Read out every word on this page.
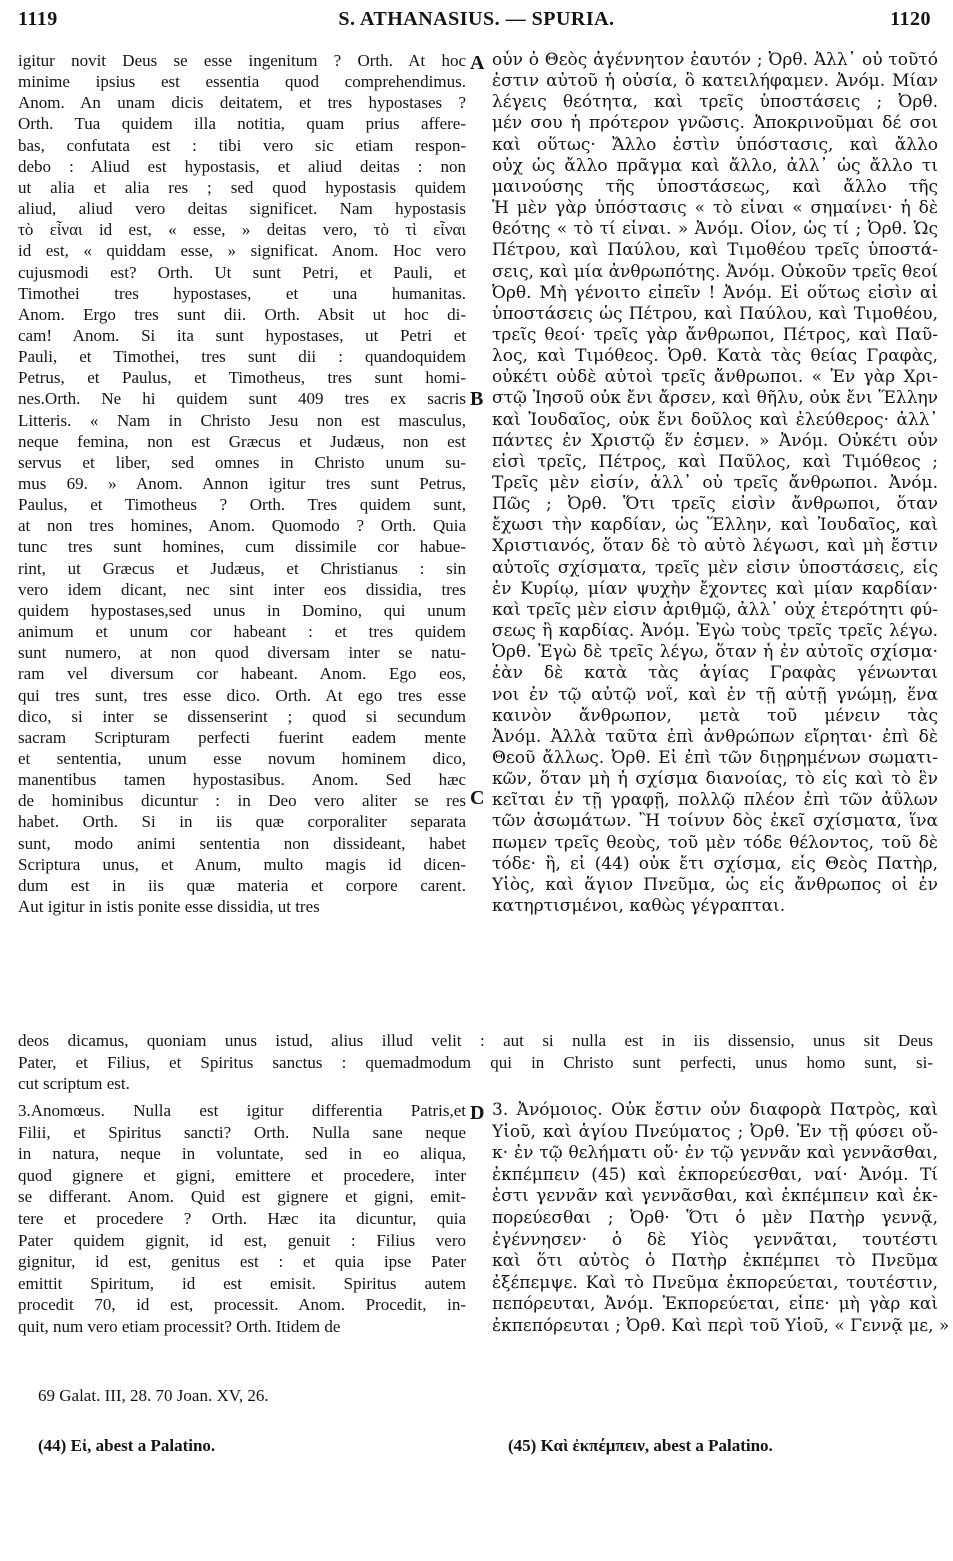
1119	S. ATHANASIUS. — SPURIA.	1120
igitur novit Deus se esse ingenitum ? Orth. At hoc
minime ipsius est essentia quod comprehendimus.
Anom. An unam dicis deitatem, et tres hypostases ?
Orth. Tua quidem illa notitia, quam prius affere-
bas, confutata est : tibi vero sic etiam respon-
debo : Aliud est hypostasis, et aliud deitas : non
ut alia et alia res ; sed quod hypostasis quidem
aliud, aliud vero deitas significet. Nam hypostasis
τὸ εἶναι id est, « esse, » deitas vero, τὸ τὶ εἶναι
id est, « quiddam esse, » significat. Anom. Hoc vero
cujusmodi est? Orth. Ut sunt Petri, et Pauli, et
Timothei tres hypostases, et una humanitas.
Anom. Ergo tres sunt dii. Orth. Absit ut hoc di-
cam! Anom. Si ita sunt hypostases, ut Petri et
Pauli, et Timothei, tres sunt dii : quandoquidem
Petrus, et Paulus, et Timotheus, tres sunt homi-
nes.Orth. Ne hi quidem sunt 409 tres ex sacris
Litteris. « Nam in Christo Jesu non est masculus,
neque femina, non est Græcus et Judæus, non est
servus et liber, sed omnes in Christo unum su-
mus 69. » Anom. Annon igitur tres sunt Petrus,
Paulus, et Timotheus ? Orth. Tres quidem sunt,
at non tres homines, Anom. Quomodo ? Orth. Quia
tunc tres sunt homines, cum dissimile cor habue-
rint, ut Græcus et Judæus, et Christianus : sin
vero idem dicant, nec sint inter eos dissidia, tres
quidem hypostases,sed unus in Domino, qui unum
animum et unum cor habeant : et tres quidem
sunt numero, at non quod diversam inter se natu-
ram vel diversum cor habeant. Anom. Ego eos,
qui tres sunt, tres esse dico. Orth. At ego tres esse
dico, si inter se dissenserint ; quod si secundum
sacram Scripturam perfecti fuerint eadem mente
et sententia, unum esse novum hominem dico,
manentibus tamen hypostasibus. Anom. Sed hæc
de hominibus dicuntur : in Deo vero aliter se res
habet. Orth. Si in iis quæ corporaliter separata
sunt, modo animi sententia non dissideant, habet
Scriptura unus, et Anum, multo magis id dicen-
dum est in iis quæ materia et corpore carent.
Aut igitur in istis ponite esse dissidia, ut tres
οὖν ὁ Θεὸς ἀγέννητον ἑαυτόν ; Ὀρθ. Ἀλλ᾽ οὐ τοῦτό
ἐστιν αὐτοῦ ἡ οὐσία, ὃ κατειλήφαμεν. Ἀνόμ. Μίαν
λέγεις θεότητα, καὶ τρεῖς ὑποστάσεις ; Ὀρθ.
μέν σου ἡ πρότερον γνῶσις. Ἀποκρινοῦμαι δέ σοι
καὶ οὕτως· Ἄλλο ἐστὶν ὑπόστασις, καὶ ἄλλο
οὐχ ὡς ἄλλο πρᾶγμα καὶ ἄλλο, ἀλλ᾽ ὡς ἄλλο τι
μαινούσης τῆς ὑποστάσεως, καὶ ἄλλο τῆς
Ἡ μὲν γὰρ ὑπόστασις « τὸ εἶναι « σημαίνει· ἡ δὲ
θεότης « τὸ τί εἶναι. » Ἀνόμ. Οἷον, ὡς τί ; Ὀρθ. Ὡς
Πέτρου, καὶ Παύλου, καὶ Τιμοθέου τρεῖς ὑποστά-
σεις, καὶ μία ἀνθρωπότης. Ἀνόμ. Οὐκοῦν τρεῖς θεοί
Ὀρθ. Μὴ γένοιτο εἰπεῖν ! Ἀνόμ. Εἰ οὕτως εἰσὶν αἱ
ὑποστάσεις ὡς Πέτρου, καὶ Παύλου, καὶ Τιμοθέου,
τρεῖς θεοί· τρεῖς γὰρ ἄνθρωποι, Πέτρος, καὶ Παῦ-
λος, καὶ Τιμόθεος. Ὀρθ. Κατὰ τὰς θείας Γραφὰς,
οὐκέτι οὐδὲ αὐτοὶ τρεῖς ἄνθρωποι. « Ἐν γὰρ Χρι-
στῷ Ἰησοῦ οὐκ ἔνι ἄρσεν, καὶ θῆλυ, οὐκ ἔνι Ἕλλην
καὶ Ἰουδαῖος, οὐκ ἔνι δοῦλος καὶ ἐλεύθερος· ἀλλ᾽
πάντες ἐν Χριστῷ ἕν ἐσμεν. » Ἀνόμ. Οὐκέτι οὖν
εἰσὶ τρεῖς, Πέτρος, καὶ Παῦλος, καὶ Τιμόθεος ;
Τρεῖς μὲν εἰσίν, ἀλλ᾽ οὐ τρεῖς ἄνθρωποι. Ἀνόμ.
Πῶς ; Ὀρθ. Ὅτι τρεῖς εἰσὶν ἄνθρωποι, ὅταν
ἔχωσι τὴν καρδίαν, ὡς Ἕλλην, καὶ Ἰουδαῖος, καὶ
Χριστιανός, ὅταν δὲ τὸ αὐτὸ λέγωσι, καὶ μὴ ἔστιν
αὐτοῖς σχίσματα, τρεῖς μὲν εἰσιν ὑποστάσεις, εἷς
ἐν Κυρίῳ, μίαν ψυχὴν ἔχοντες καὶ μίαν καρδίαν·
καὶ τρεῖς μὲν εἰσιν ἀριθμῷ, ἀλλ᾽ οὐχ ἑτερότητι φύ-
σεως ἢ καρδίας. Ἀνόμ. Ἐγὼ τοὺς τρεῖς τρεῖς λέγω.
Ὀρθ. Ἐγὼ δὲ τρεῖς λέγω, ὅταν ἦ ἐν αὐτοῖς σχίσμα·
ἐὰν δὲ κατὰ τὰς ἁγίας Γραφὰς γένωνται
νοι ἐν τῷ αὐτῷ νοΐ, καὶ ἐν τῇ αὐτῇ γνώμῃ, ἕνα
καινὸν ἄνθρωπον, μετὰ τοῦ μένειν τὰς
Ἀνόμ. Ἀλλὰ ταῦτα ἐπὶ ἀνθρώπων εἴρηται· ἐπὶ δὲ
Θεοῦ ἄλλως. Ὀρθ. Εἰ ἐπὶ τῶν διῃρημένων σωματι-
κῶν, ὅταν μὴ ἦ σχίσμα διανοίας, τὸ εἷς καὶ τὸ ἓν
κεῖται ἐν τῇ γραφῇ, πολλῷ πλέον ἐπὶ τῶν ἀΰλων
τῶν ἀσωμάτων. Ἢ τοίνυν δὸς ἐκεῖ σχίσματα, ἵνα
πωμεν τρεῖς θεοὺς, τοῦ μὲν τόδε θέλοντος, τοῦ δὲ
τόδε· ἢ, εἰ (44) οὐκ ἔτι σχίσμα, εἷς Θεὸς Πατὴρ,
Υἱὸς, καὶ ἅγιον Πνεῦμα, ὡς εἷς ἄνθρωπος οἱ ἐν
κατηρτισμένοι, καθὼς γέγραπται.
A
B
C
D
deos dicamus, quoniam unus istud, alius illud velit : aut si nulla est in iis dissensio, unus sit Deus
Pater, et Filius, et Spiritus sanctus : quemadmodum qui in Christo sunt perfecti, unus homo sunt, si-
cut scriptum est.
3.Anomœus. Nulla est igitur differentia Patris,et
Filii, et Spiritus sancti? Orth. Nulla sane neque
in natura, neque in voluntate, sed in eo aliqua,
quod gignere et gigni, emittere et procedere, inter
se differant. Anom. Quid est gignere et gigni, emit-
tere et procedere ? Orth. Hæc ita dicuntur, quia
Pater quidem gignit, id est, genuit : Filius vero
gignitur, id est, genitus est : et quia ipse Pater
emittit Spiritum, id est emisit. Spiritus autem
procedit 70, id est, processit. Anom. Procedit, in-
quit, num vero etiam processit? Orth. Itidem de
3. Ἀνόμοιος. Οὐκ ἔστιν οὖν διαφορὰ Πατρὸς, καὶ
Υἱοῦ, καὶ ἁγίου Πνεύματος ; Ὀρθ. Ἐν τῇ φύσει οὔ-
κ· ἐν τῷ θελήματι οὔ· ἐν τῷ γεννᾶν καὶ γεννᾶσθαι,
ἐκπέμπειν (45) καὶ ἐκπορεύεσθαι, ναί· Ἀνόμ. Τί
ἐστι γεννᾶν καὶ γεννᾶσθαι, καὶ ἐκπέμπειν καὶ ἐκ-
πορεύεσθαι ; Ὀρθ· Ὅτι ὁ μὲν Πατὴρ γεννᾷ,
ἐγέννησεν· ὁ δὲ Υἱὸς γεννᾶται, τουτέστι
καὶ ὅτι αὐτὸς ὁ Πατὴρ ἐκπέμπει τὸ Πνεῦμα
ἐξέπεμψε. Καὶ τὸ Πνεῦμα ἐκπορεύεται, τουτέστιν,
πεπόρευται, Ἀνόμ. Ἐκπορεύεται, εἶπε· μὴ γὰρ καὶ
ἐκπεπόρευται ; Ὀρθ. Καὶ περὶ τοῦ Υἱοῦ, « Γεννᾷ με, »
69 Galat. III, 28. 70 Joan. XV, 26.
(44) Εἰ, abest a Palatino.	(45) Καὶ ἐκπέμπειν, abest a Palatino.
